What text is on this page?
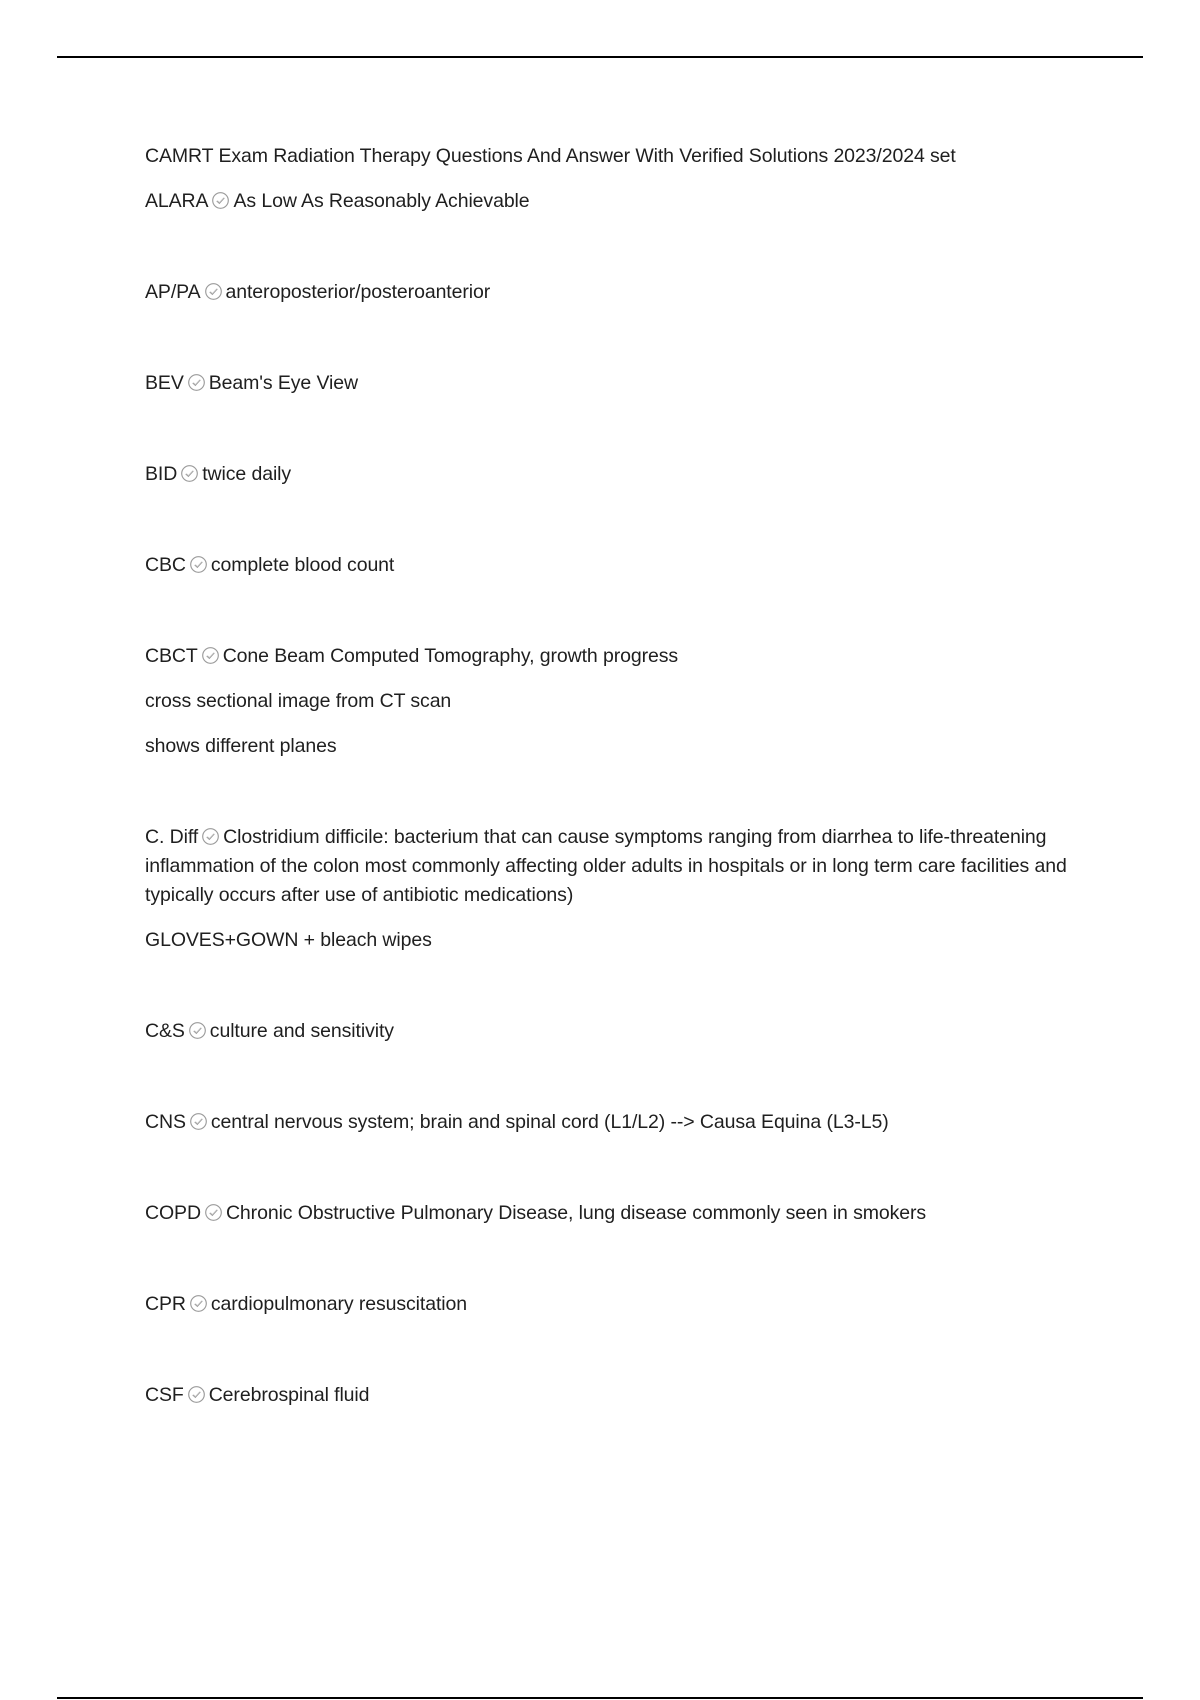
CAMRT Exam Radiation Therapy Questions And Answer With Verified Solutions 2023/2024 set
ALARA As Low As Reasonably Achievable
AP/PA anteroposterior/posteroanterior
BEV Beam's Eye View
BID twice daily
CBC complete blood count
CBCT Cone Beam Computed Tomography, growth progress
cross sectional image from CT scan
shows different planes
C. Diff Clostridium difficile: bacterium that can cause symptoms ranging from diarrhea to life-threatening inflammation of the colon most commonly affecting older adults in hospitals or in long term care facilities and typically occurs after use of antibiotic medications)
GLOVES+GOWN + bleach wipes
C&S culture and sensitivity
CNS central nervous system; brain and spinal cord (L1/L2) --> Causa Equina (L3-L5)
COPD Chronic Obstructive Pulmonary Disease, lung disease commonly seen in smokers
CPR cardiopulmonary resuscitation
CSF Cerebrospinal fluid
